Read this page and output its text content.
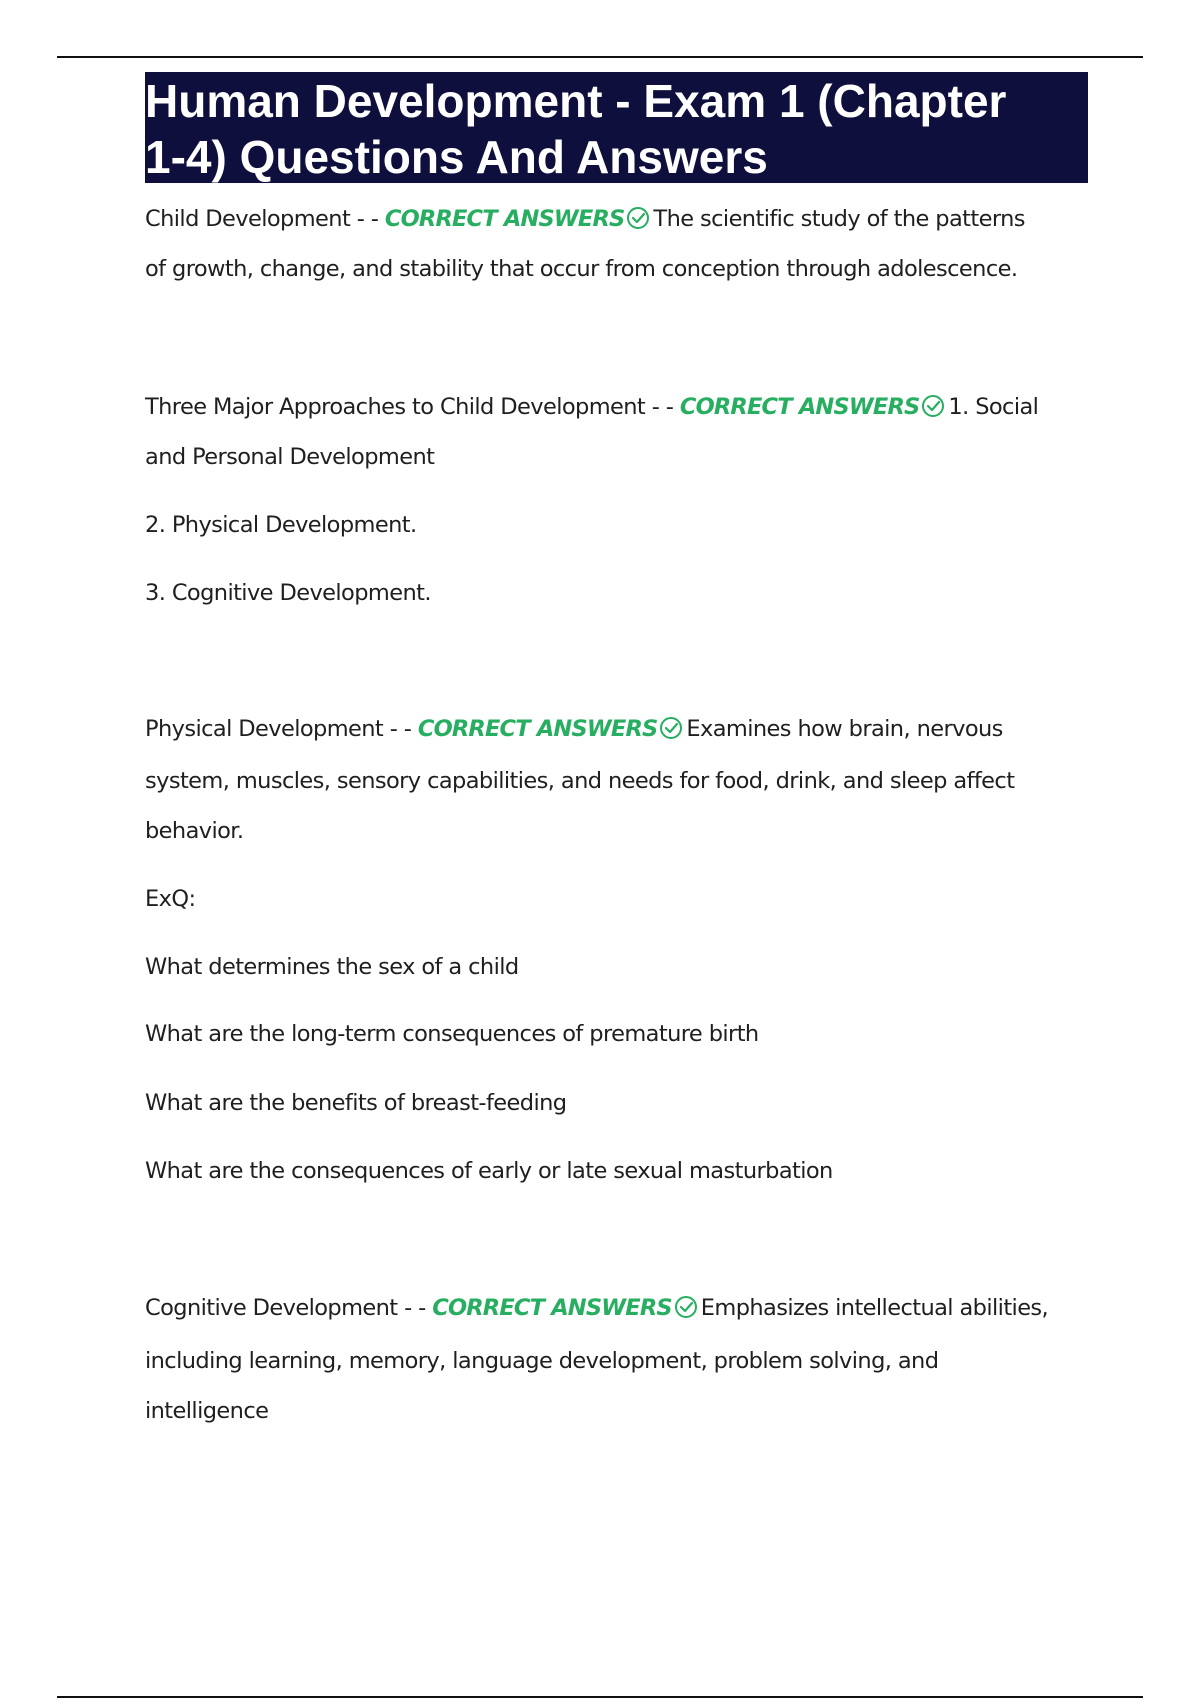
Human Development - Exam 1 (Chapter
1-4) Questions And Answers
Child Development - - CORRECT ANSWERS The scientific study of the patterns
of growth, change, and stability that occur from conception through adolescence.
Three Major Approaches to Child Development - - CORRECT ANSWERS 1. Social
and Personal Development
2. Physical Development.
3. Cognitive Development.
Physical Development - - CORRECT ANSWERS Examines how brain, nervous
system, muscles, sensory capabilities, and needs for food, drink, and sleep affect
behavior.
ExQ:
What determines the sex of a child
What are the long-term consequences of premature birth
What are the benefits of breast-feeding
What are the consequences of early or late sexual masturbation
Cognitive Development - - CORRECT ANSWERS Emphasizes intellectual abilities,
including learning, memory, language development, problem solving, and
intelligence
